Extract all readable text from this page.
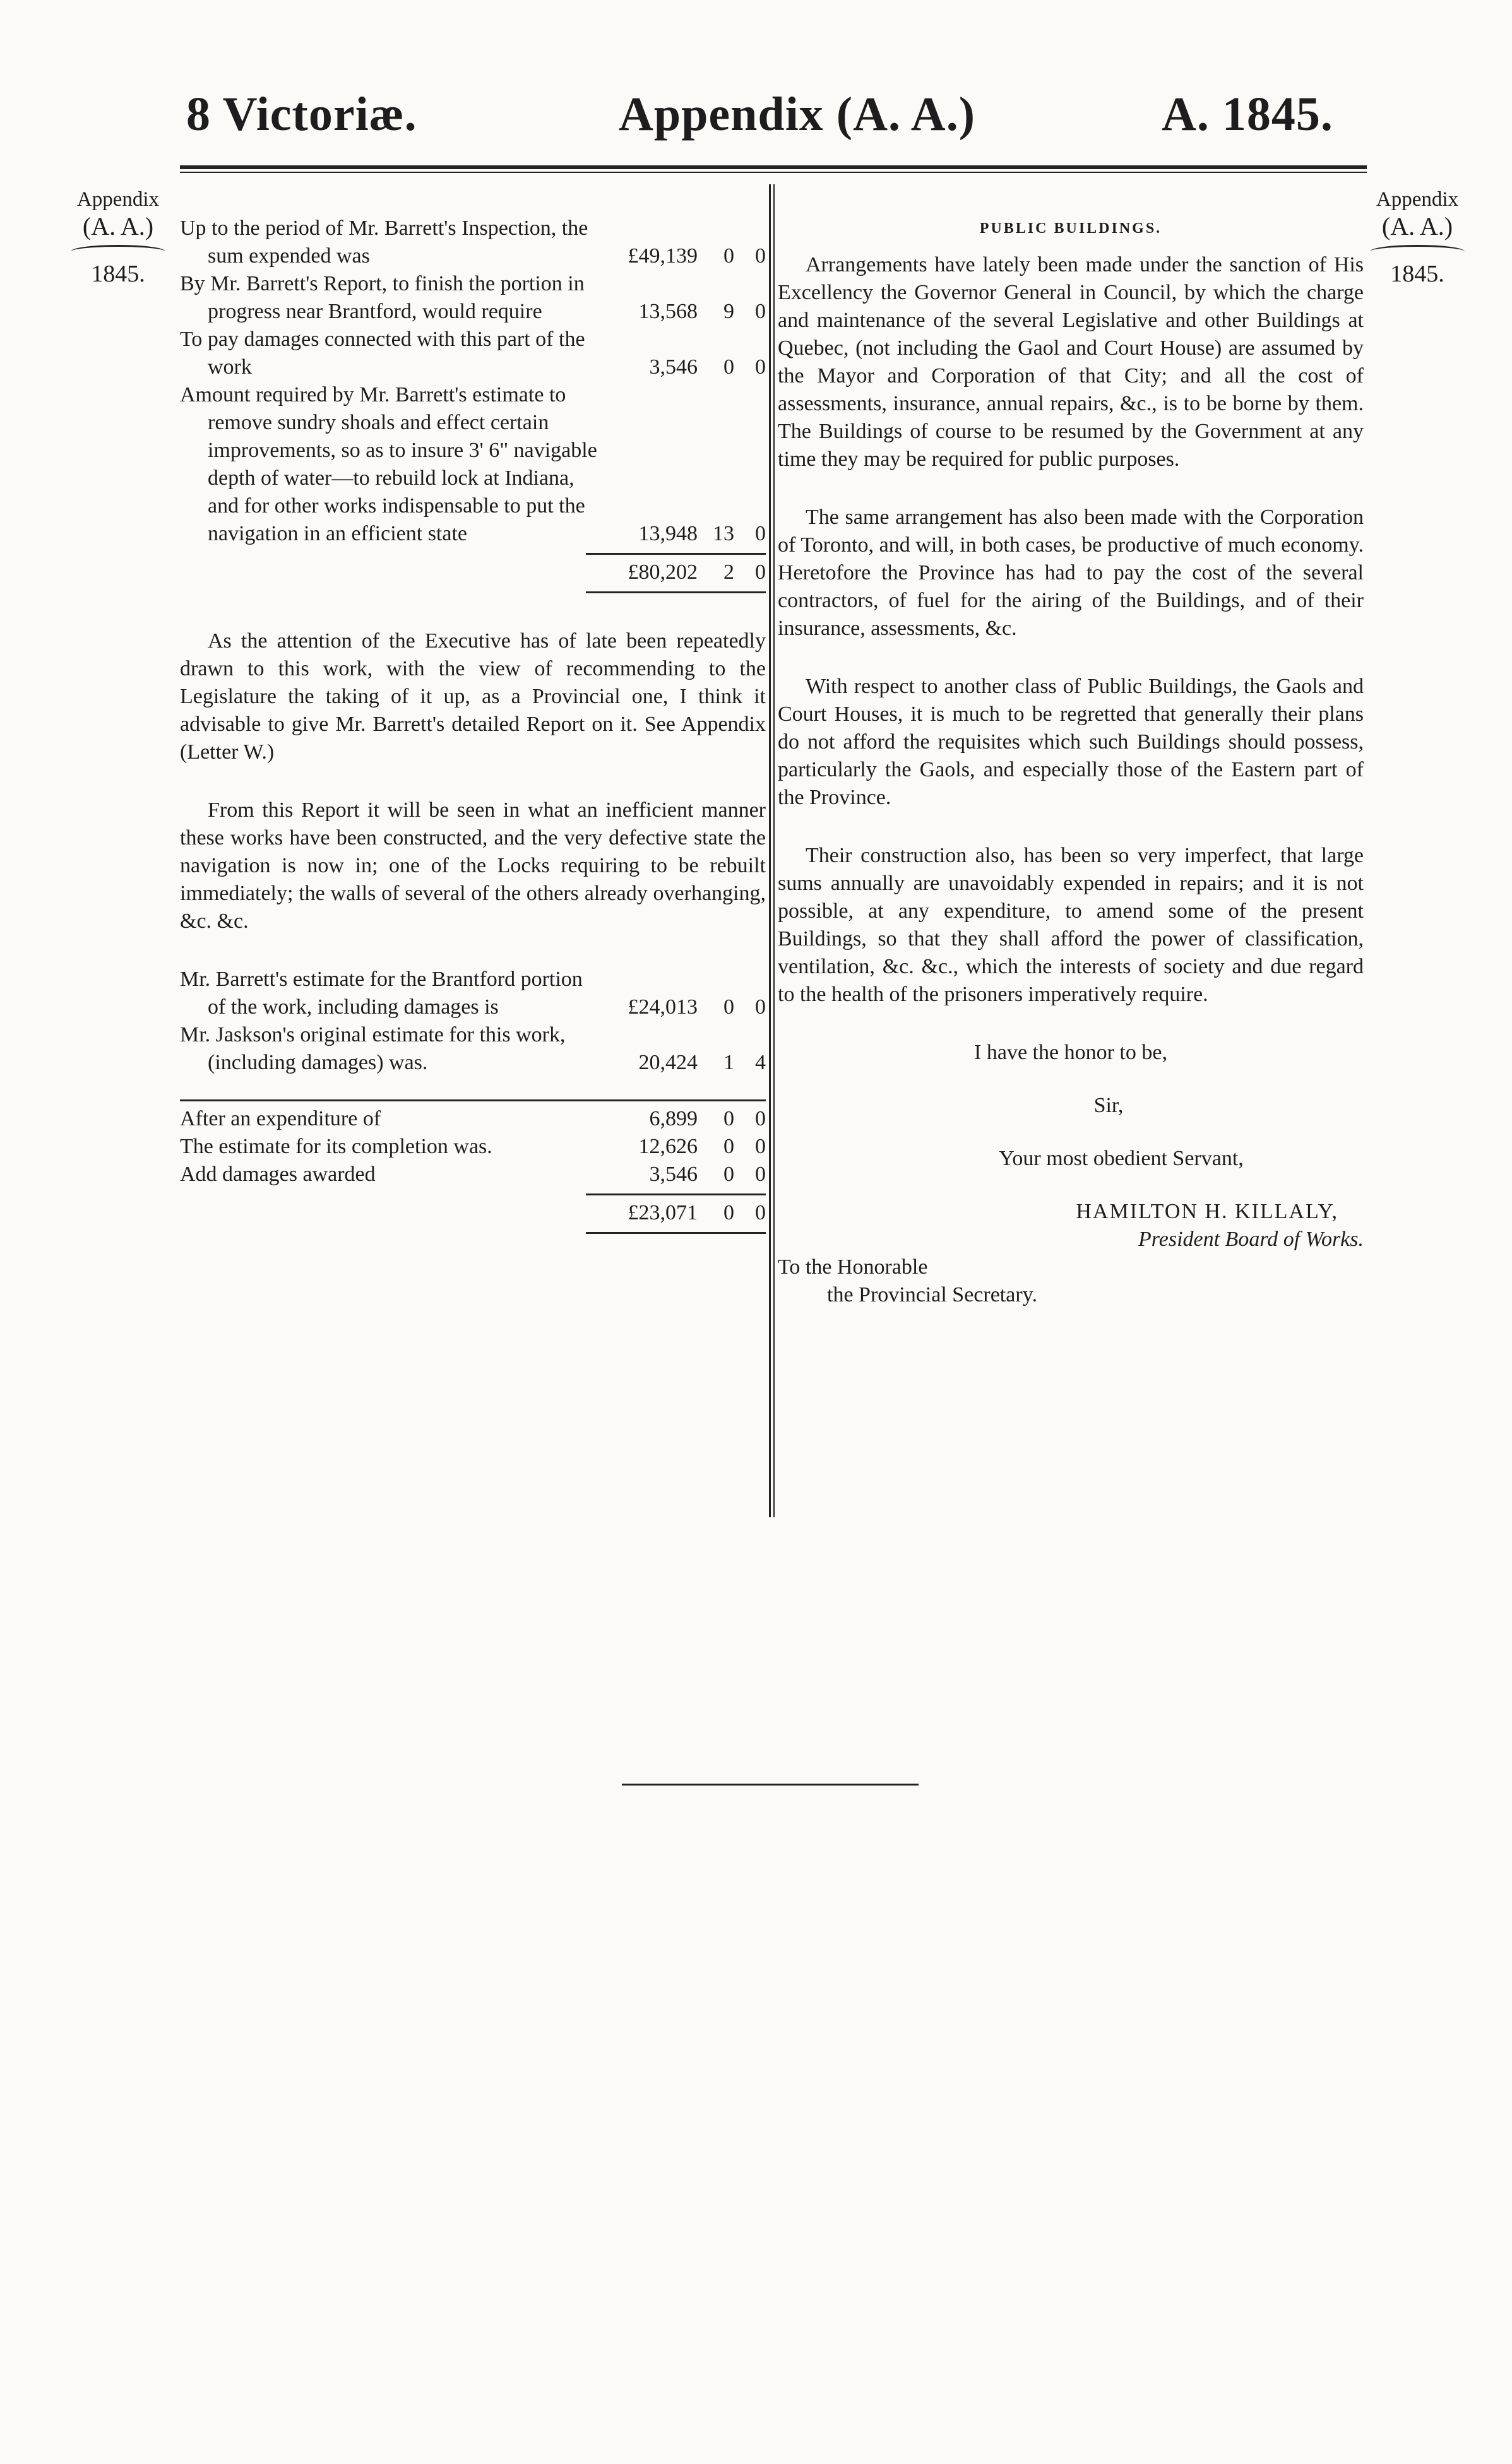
8 Victoriæ.	Appendix (A. A.)	A. 1845.
Appendix
(A. A.)
1845.
Appendix
(A. A.)
1845.
Up to the period of Mr. Barrett's Inspection, the sum expended was	£49,139	0 0
By Mr. Barrett's Report, to finish the portion in progress near Brantford, would require	13,568	9 0
To pay damages connected with this part of the work	3,546	0 0
Amount required by Mr. Barrett's estimate to remove sundry shoals and effect certain improvements, so as to insure 3' 6" navigable depth of water—to rebuild lock at Indiana, and for other works indispensable to put the navigation in an efficient state	13,948 13 0
£80,202	2 0

As the attention of the Executive has of late been repeatedly drawn to this work, with the view of recommending to the Legislature the taking of it up, as a Provincial one, I think it advisable to give Mr. Barrett's detailed Report on it. See Appendix (Letter W.)

From this Report it will be seen in what an inefficient manner these works have been constructed, and the very defective state the navigation is now in; one of the Locks requiring to be rebuilt immediately; the walls of several of the others already overhanging, &c. &c.

Mr. Barrett's estimate for the Brantford portion of the work, including damages is	£24,013	0 0
Mr. Jaskson's original estimate for this work, (including damages) was.	20,424	1 4
After an expenditure of	6,899	0 0
The estimate for its completion was.	12,626	0 0
Add damages awarded	3,546	0 0
£23,071	0 0
PUBLIC BUILDINGS.

Arrangements have lately been made under the sanction of His Excellency the Governor General in Council, by which the charge and maintenance of the several Legislative and other Buildings at Quebec, (not including the Gaol and Court House) are assumed by the Mayor and Corporation of that City; and all the cost of assessments, insurance, annual repairs, &c., is to be borne by them. The Buildings of course to be resumed by the Government at any time they may be required for public purposes.

The same arrangement has also been made with the Corporation of Toronto, and will, in both cases, be productive of much economy. Heretofore the Province has had to pay the cost of the several contractors, of fuel for the airing of the Buildings, and of their insurance, assessments, &c.

With respect to another class of Public Buildings, the Gaols and Court Houses, it is much to be regretted that generally their plans do not afford the requisites which such Buildings should possess, particularly the Gaols, and especially those of the Eastern part of the Province.

Their construction also, has been so very imperfect, that large sums annually are unavoidably expended in repairs; and it is not possible, at any expenditure, to amend some of the present Buildings, so that they shall afford the power of classification, ventilation, &c. &c., which the interests of society and due regard to the health of the prisoners imperatively require.

I have the honor to be,
Sir,
Your most obedient Servant,
HAMILTON H. KILLALY,
President Board of Works.
To the Honorable
the Provincial Secretary.
